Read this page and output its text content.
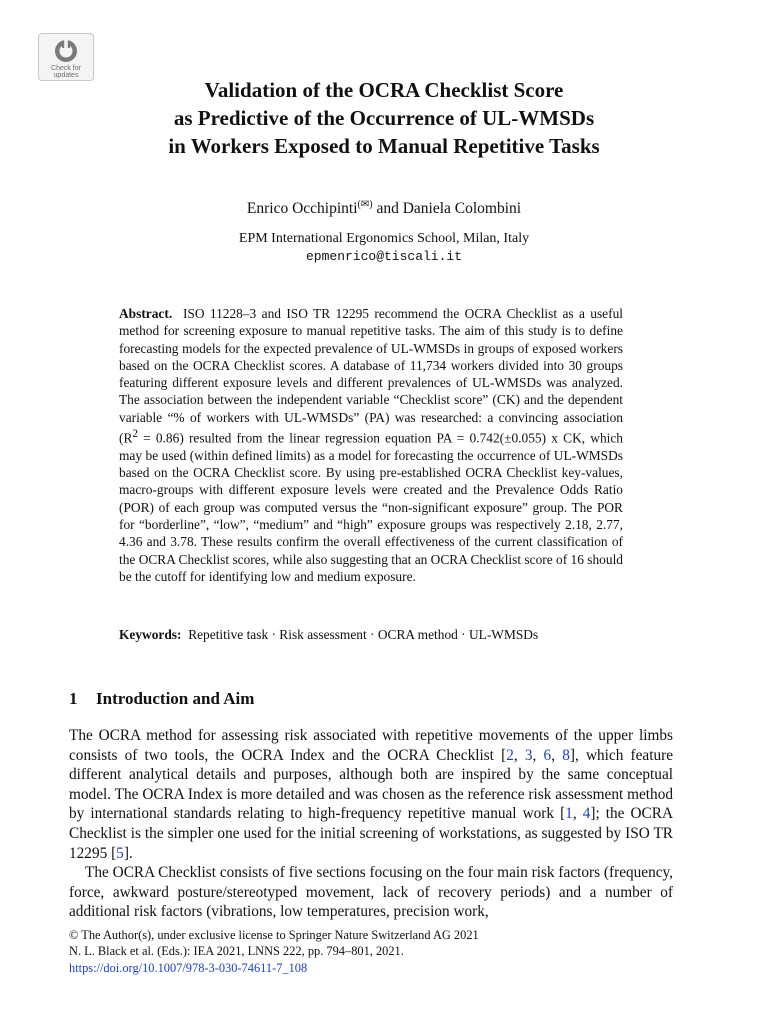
Check for
updates
Validation of the OCRA Checklist Score
as Predictive of the Occurrence of UL-WMSDs
in Workers Exposed to Manual Repetitive Tasks
Enrico Occhipinti(✉) and Daniela Colombini
EPM International Ergonomics School, Milan, Italy
epmenrico@tiscali.it

Abstract. ISO 11228–3 and ISO TR 12295 recommend the OCRA Checklist as a useful method for screening exposure to manual repetitive tasks. The aim of this study is to define forecasting models for the expected prevalence of UL-WMSDs in groups of exposed workers based on the OCRA Checklist scores. A database of 11,734 workers divided into 30 groups featuring different exposure levels and different prevalences of UL-WMSDs was analyzed. The association between the independent variable “Checklist score” (CK) and the dependent variable “% of workers with UL-WMSDs” (PA) was researched: a convincing association $(R^2 = 0.86)$ resulted from the linear regression equation PA = 0.742(±0.055) x CK, which may be used (within defined limits) as a model for forecasting the occurrence of UL-WMSDs based on the OCRA Checklist score. By using pre-established OCRA Checklist key-values, macro-groups with different exposure levels were created and the Prevalence Odds Ratio (POR) of each group was computed versus the “non-significant exposure” group. The POR for “borderline”, “low”, “medium” and “high” exposure groups was respectively 2.18, 2.77, 4.36 and 3.78. These results confirm the overall effectiveness of the current classification of the OCRA Checklist scores, while also suggesting that an OCRA Checklist score of 16 should be the cutoff for identifying low and medium exposure.

Keywords: Repetitive task · Risk assessment · OCRA method · UL-WMSDs

1 Introduction and Aim

The OCRA method for assessing risk associated with repetitive movements of the upper limbs consists of two tools, the OCRA Index and the OCRA Checklist [2, 3, 6, 8], which feature different analytical details and purposes, although both are inspired by the same conceptual model. The OCRA Index is more detailed and was chosen as the reference risk assessment method by international standards relating to high-frequency repetitive manual work [1, 4]; the OCRA Checklist is the simpler one used for the initial screening of workstations, as suggested by ISO TR 12295 [5].

The OCRA Checklist consists of five sections focusing on the four main risk factors (frequency, force, awkward posture/stereotyped movement, lack of recovery periods) and a number of additional risk factors (vibrations, low temperatures, precision work,

© The Author(s), under exclusive license to Springer Nature Switzerland AG 2021
N. L. Black et al. (Eds.): IEA 2021, LNNS 222, pp. 794–801, 2021.
https://doi.org/10.1007/978-3-030-74611-7_108
